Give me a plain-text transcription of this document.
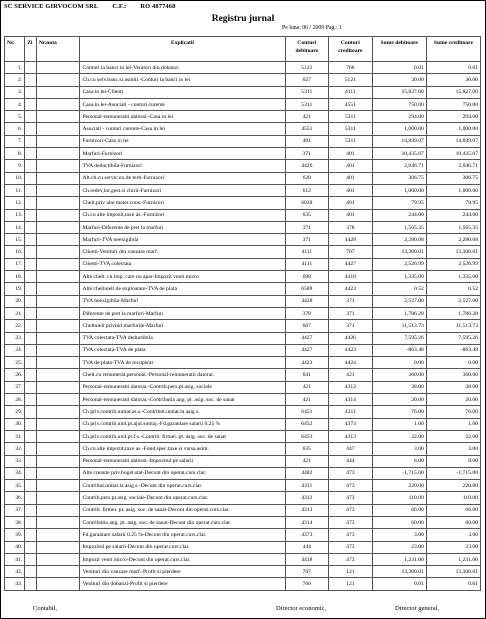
SC SERVICE GIRVOCOM SRL C.F.: RO 4877468
Registru jurnal
Pe luna: 06 / 2009 Pag.: 1
Nr.	Zi	Nr.nota	Explicatii	Conturi debitoare	Conturi creditoare	Sume debitoare	Sume creditoare
1.			Conturi la banci in lei-Venituri din dobanzi	5121	766	0.01	0.01
2.			Ch.cu serv.banc.si asimil.-Conturi la banci in lei	627	5121	30.00	30.00
3.			Casa in lei-Clienti	5311	4111	15,827.00	15,827.00
4.			Casa in lei-Asociati - conturi curente	5311	4551	750.00	750.00
5.			Personal-remuneratii datorat.-Casa in lei	421	5311	294.00	294.00
6.			Asociati - conturi curente-Casa in lei	4551	5311	1,000.00	1,000.00
7.			Furnizori-Casa in lei	401	5311	14,839.07	14,839.07
8.			Marfuri-Furnizori	371	401	10,435.07	10,435.07
9.			TVA deductibila-Furnizori	4426	401	2,046.71	2,046.71
10.			Alt.ch.cu servic.ex.de terti-Furnizori	628	401	306.75	306.75
11.			Ch.redev,lor.gest.si chirii-Furnizori	612	401	1,000.00	1,000.00
12.			Chelt.priv alte mater.cons.-Furnizori	6028	401	79.95	79.95
13.			Ch.cu alte impozit,taxe as.-Furnizori	635	401	244.00	244.00
14.			Marfuri-Diferente de pret la marfuri	371	378	1,565.35	1,565.35
15.			Marfuri-TVA neexigibila	371	4428	2,280.08	2,280.08
16.			Clienti-Venituri din vanzare marf.	4111	707	13,300.01	13,300.01
17.			Clienti-TVA colectata	4111	4427	2,526.99	2,526.99
18.			Alte chelt. cu imp. care nu apar-Impozit venit micro	698	4418	1,335.00	1,335.00
19.			Alte cheltuieli de exploatare-TVA de plata	6588	4423	0.52	0.52
20.			TVA neexigibila-Marfuri	4428	371	2,527.00	2,527.00
21.			Diferente de pret la marfuri-Marfuri	378	371	1,786.28	1,786.28
22.			Cheltuieli privind marfurile-Marfuri	607	371	11,513.73	11,513.73
23.			TVA colectata-TVA deductibila	4427	4426	7,595.26	7,595.26
24.			TVA colectata-TVA de plata	4427	4423	-863.48	-863.48
25.			TVA de plata-TVA de recuperat	4423	4424	0.00	0.00
26.			Chelt.cu renumerat.personal.-Personal-remuneratii datorat.	641	421	360.00	360.00
27.			Personal-remuneratii datorat.-Contrib.pers.pt.asig. sociale	421	4312	38.00	38.00
28.			Personal-remuneratii datorat.-Contributia ang. pt. asig. soc. de sanat	421	4314	20.00	20.00
29.			Ch.priv.contrib.unitat.as.s.-Contribut.unitat.la asig.s.	6451	4311	76.00	76.00
30.			Ch.priv.contrib.unit.pt.ajut.somaj.-Fd.garantare salarii 0.25 %	6452	4373	1.00	1.00
31.			Ch.priv.contrib.unit.pt.f.s.-Contrib. firmei. pt. asig. soc. de sanat	6453	4313	22.00	22.00
32.			Ch.cu alte impozit,taxe as.-Fond.spec.taxe si varsa asim.	635	447	3.00	3.00
33.			Personal-remuneratii datorat.-Impozitul pe salarii	421	444	8.00	8.00
34.			Alte creante priv.buget.stat-Decont din operat.curs.clar.	4482	473	-1,715.00	-1,715.00
35.			Contribut.unitat.la asig.s.-Decont din operat.curs.clar.	4311	473	220.00	220.00
36.			Contrib.pers.pt.asig. sociale-Decont din operat.curs.clar.	4312	473	110.00	110.00
37.			Contrib. firmei. pt. asig. soc. de sanat-Decont din operat.curs.clar.	4313	473	66.00	66.00
38.			Contributia ang. pt. asig. soc. de sanat-Decont din operat.curs.clar.	4314	473	60.00	60.00
39.			Fd.garantare salarii 0.25 %-Decont din operat.curs.clar.	4373	473	3.00	3.00
40.			Impozitul pe salarii-Decont din operat.curs.clar.	444	473	23.00	23.00
41.			Impozit venit micro-Decont din operat.curs.clar.	4418	473	1,231.00	1,231.00
42.			Venituri din vanzare marf.-Profit si pierdere	707	121	13,300.01	13,300.01
43.			Venituri din dobanzi-Profit si pierdere	766	121	0.01	0.01
Contabil,	Director economic,	Director general,
